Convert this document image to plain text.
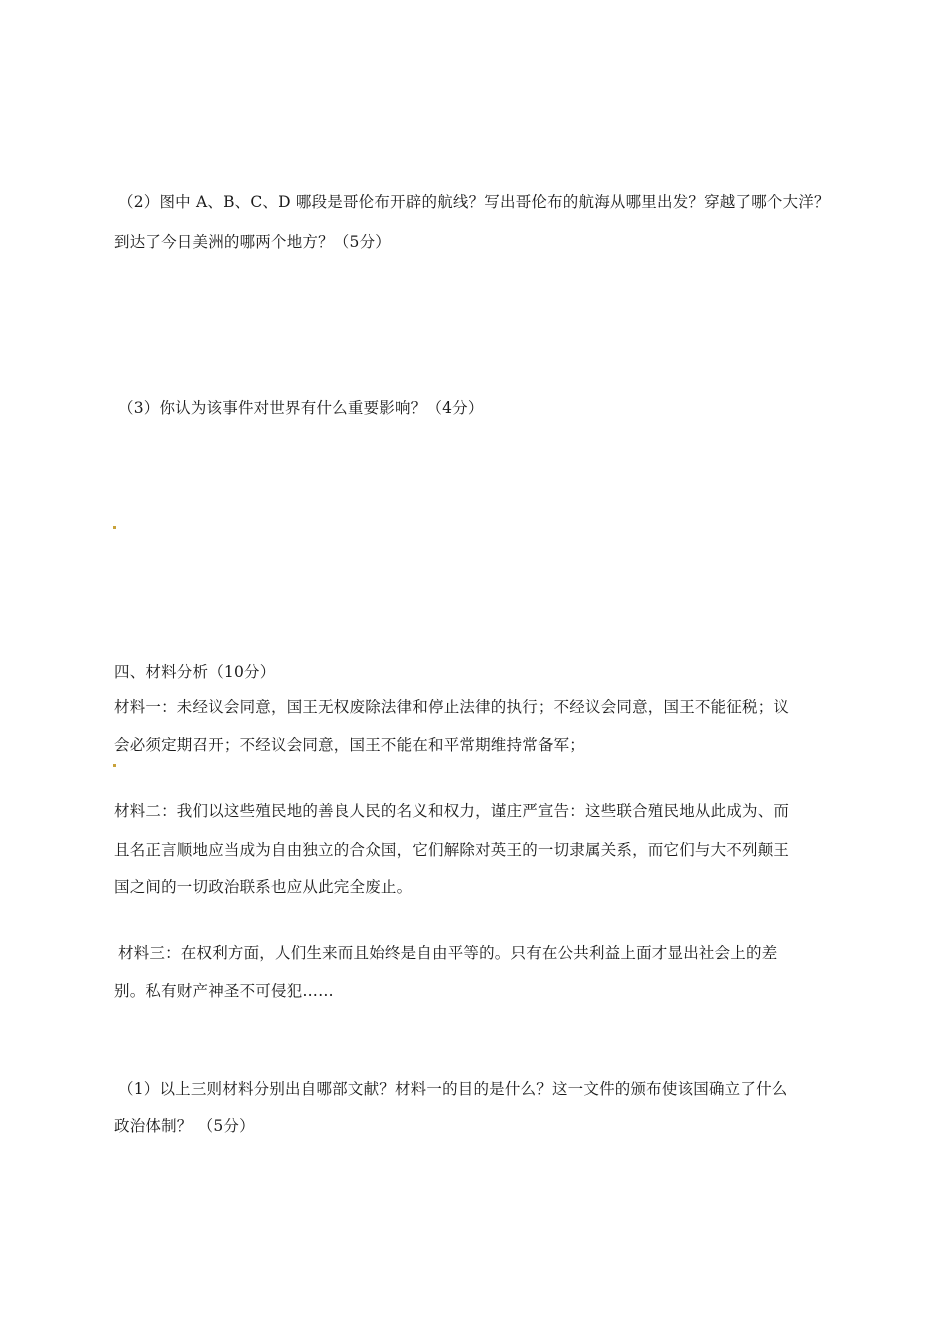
（2）图中 A、B、C、D 哪段是哥伦布开辟的航线？写出哥伦布的航海从哪里出发？穿越了哪个大洋？
到达了今日美洲的哪两个地方？（5分）
（3）你认为该事件对世界有什么重要影响？（4分）
四、材料分析（10分）
材料一：未经议会同意，国王无权废除法律和停止法律的执行；不经议会同意，国王不能征税；议
会必须定期召开；不经议会同意，国王不能在和平常期维持常备军；
材料二：我们以这些殖民地的善良人民的名义和权力，谨庄严宣告：这些联合殖民地从此成为、而
且名正言顺地应当成为自由独立的合众国，它们解除对英王的一切隶属关系，而它们与大不列颠王
国之间的一切政治联系也应从此完全废止。
材料三：在权利方面，人们生来而且始终是自由平等的。只有在公共利益上面才显出社会上的差
别。私有财产神圣不可侵犯……
（1）以上三则材料分别出自哪部文献？材料一的目的是什么？这一文件的颁布使该国确立了什么
政治体制？ （5分）
